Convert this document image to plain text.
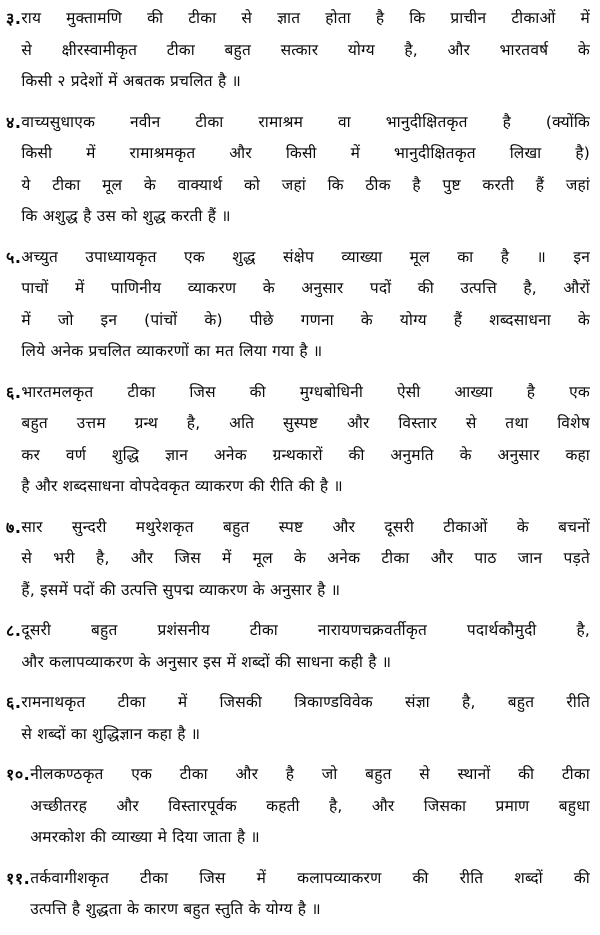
३. राय मुक्तामणि की टीका से ज्ञात होता है कि प्राचीन टीकाओं में
से क्षीरस्वामीकृत टीका बहुत सत्कार योग्य है, और भारतवर्ष के
किसी २ प्रदेशों में अबतक प्रचलित है ॥
४. वाच्यसुधाएक नवीन टीका रामाश्रम वा भानुदीक्षितकृत है (क्योंकि
किसी में रामाश्रमकृत और किसी में भानुदीक्षितकृत लिखा है)
ये टीका मूल के वाक्यार्थ को जहां कि ठीक है पुष्ट करती हैं जहां
कि अशुद्ध है उस को शुद्ध करती हैं ॥
५. अच्युत उपाध्यायकृत एक शुद्ध संक्षेप व्याख्या मूल का है ॥ इन
पाचों में पाणिनीय व्याकरण के अनुसार पदों की उत्पत्ति है, औरों
में जो इन (पांचों के) पीछे गणना के योग्य हैं शब्दसाधना के
लिये अनेक प्रचलित व्याकरणों का मत लिया गया है ॥
६. भारतमलकृत टीका जिस की मुग्धबोधिनी ऐसी आख्या है एक
बहुत उत्तम ग्रन्थ है, अति सुस्पष्ट और विस्तार से तथा विशेष
कर वर्ण शुद्धि ज्ञान अनेक ग्रन्थकारों की अनुमति के अनुसार कहा
है और शब्दसाधना वोपदेवकृत व्याकरण की रीति की है ॥
७. सार सुन्दरी मथुरेशकृत बहुत स्पष्ट और दूसरी टीकाओं के बचनों
से भरी है, और जिस में मूल के अनेक टीका और पाठ जान पड़ते
हैं, इसमें पदों की उत्पत्ति सुपद्म व्याकरण के अनुसार है ॥
८. दूसरी बहुत प्रशंसनीय टीका नारायणचक्रवर्तीकृत पदार्थकौमुदी है,
और कलापव्याकरण के अनुसार इस में शब्दों की साधना कही है ॥
६. रामनाथकृत टीका में जिसकी त्रिकाण्डविवेक संज्ञा है, बहुत रीति
से शब्दों का शुद्धिज्ञान कहा है ॥
१०. नीलकण्ठकृत एक टीका और है जो बहुत से स्थानों की टीका
अच्छीतरह और विस्तारपूर्वक कहती है, और जिसका प्रमाण बहुधा
अमरकोश की व्याख्या मे दिया जाता है ॥
११. तर्कवागीशकृत टीका जिस में कलापव्याकरण की रीति शब्दों की
उत्पत्ति है शुद्धता के कारण बहुत स्तुति के योग्य है ॥
